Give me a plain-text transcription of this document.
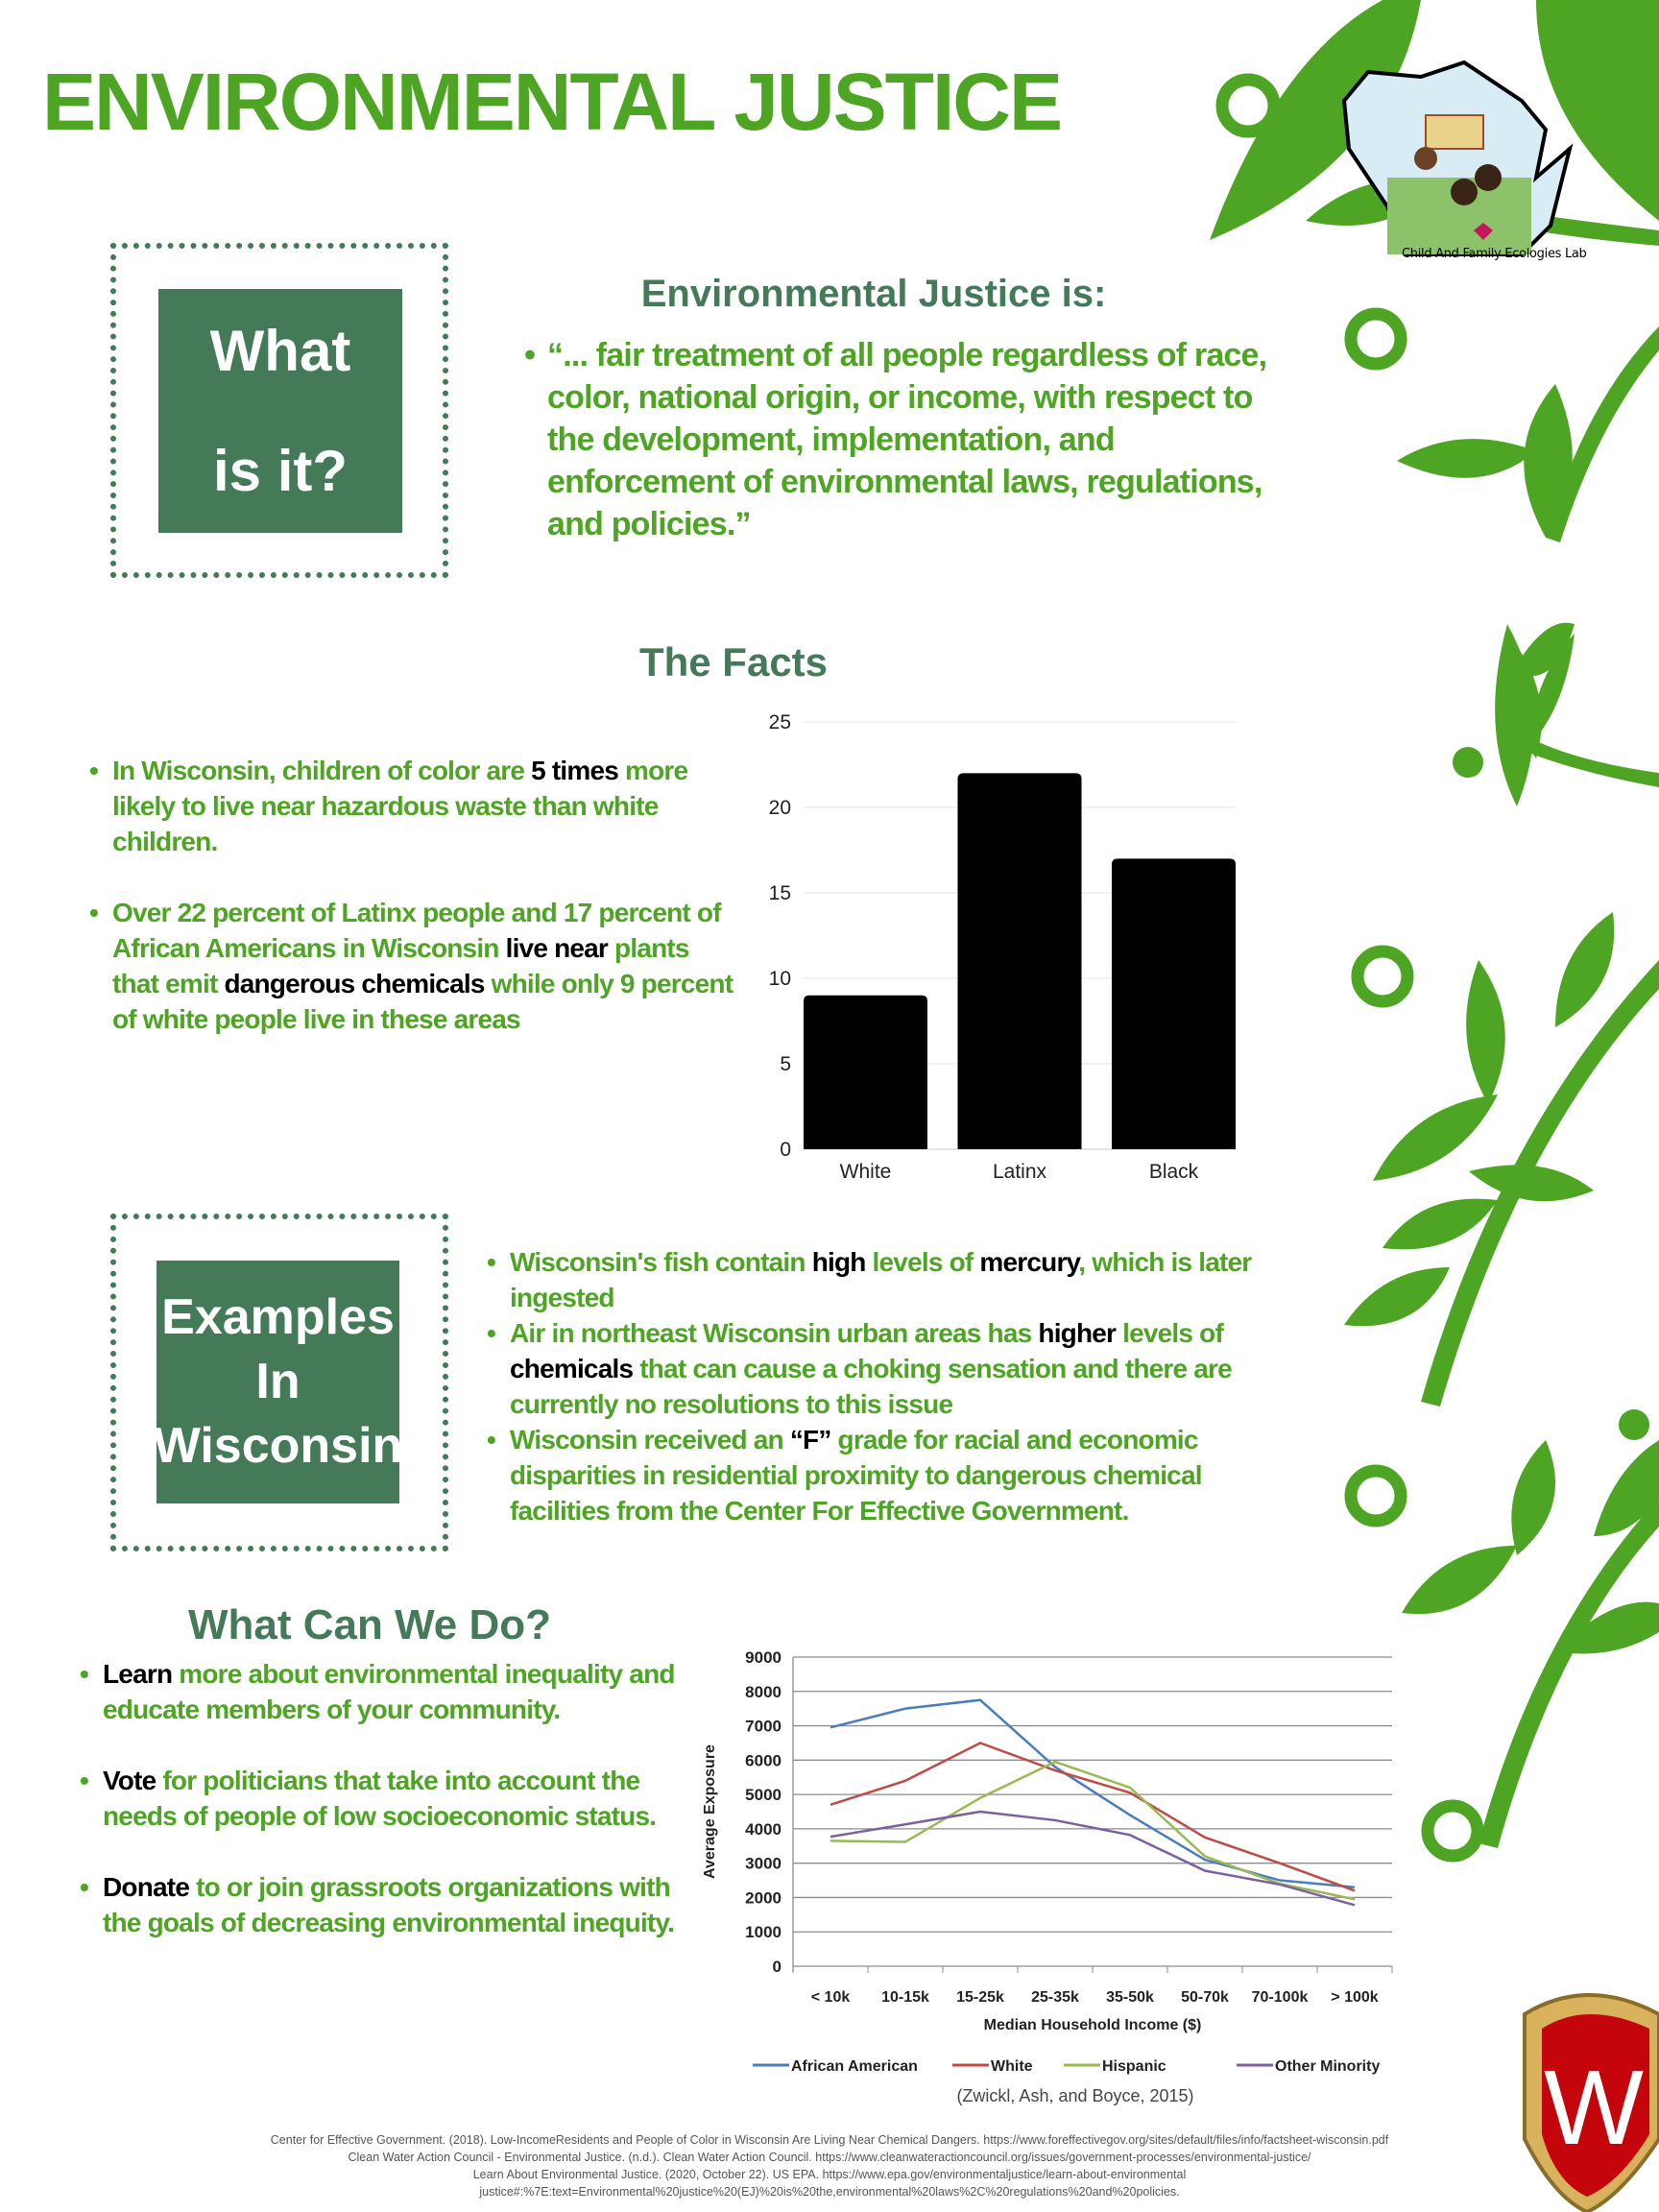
ENVIRONMENTAL JUSTICE
Child And Family Ecologies Lab
What
is it?
Environmental Justice is:
• “... fair treatment of all people regardless of race, color, national origin, or income, with respect to the development, implementation, and enforcement of environmental laws, regulations, and policies.”
The Facts
• In Wisconsin, children of color are 5 times more likely to live near hazardous waste than white children.
• Over 22 percent of Latinx people and 17 percent of African Americans in Wisconsin live near plants that emit dangerous chemicals while only 9 percent of white people live in these areas
0
5
10
15
20
25
White	Latinx	Black
Examples
In
Wisconsin
• Wisconsin's fish contain high levels of mercury, which is later ingested
• Air in northeast Wisconsin urban areas has higher levels of chemicals that can cause a choking sensation and there are currently no resolutions to this issue
• Wisconsin received an “F” grade for racial and economic disparities in residential proximity to dangerous chemical facilities from the Center For Effective Government.
What Can We Do?
• Learn more about environmental inequality and educate members of your community.
• Vote for politicians that take into account the needs of people of low socioeconomic status.
• Donate to or join grassroots organizations with the goals of decreasing environmental inequity.
0
1000
2000
3000
4000
5000
6000
7000
8000
9000
< 10k 10-15k 15-25k 25-35k 35-50k 50-70k 70-100k > 100k
Median Household Income ($)
Average Exposure
African American	White	Hispanic	Other Minority
(Zwickl, Ash, and Boyce, 2015)	W
Center for Effective Government. (2018). Low-IncomeResidents and People of Color in Wisconsin Are Living Near Chemical Dangers. https://www.foreffectivegov.org/sites/default/files/info/factsheet-wisconsin.pdf
Clean Water Action Council - Environmental Justice. (n.d.). Clean Water Action Council. https://www.cleanwateractioncouncil.org/issues/government-processes/environmental-justice/
Learn About Environmental Justice. (2020, October 22). US EPA. https://www.epa.gov/environmentaljustice/learn-about-environmental
justice#:%7E:text=Environmental%20justice%20(EJ)%20is%20the,environmental%20laws%2C%20regulations%20and%20policies.
